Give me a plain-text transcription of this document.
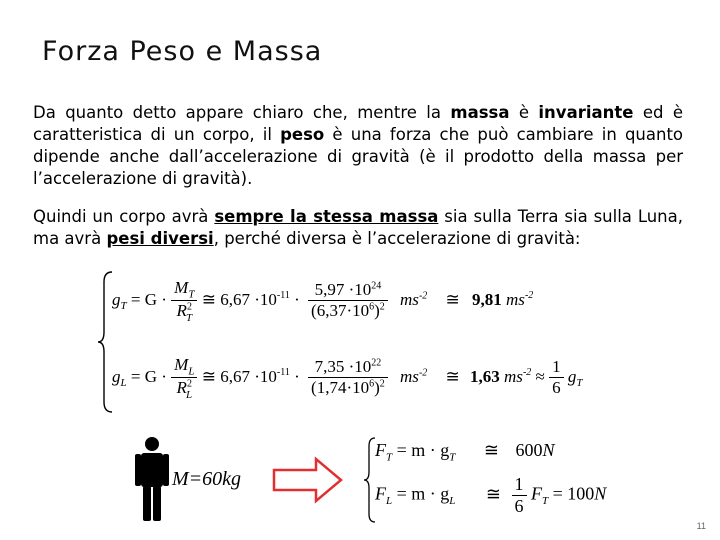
Forza Peso e Massa
Da quanto detto appare chiaro che, mentre la massa è invariante ed è caratteristica di un corpo, il peso è una forza che può cambiare in quanto dipende anche dall’accelerazione di gravità (è il prodotto della massa per l’accelerazione di gravità).
Quindi un corpo avrà sempre la stessa massa sia sulla Terra sia sulla Luna, ma avrà pesi diversi, perché diversa è l’accelerazione di gravità:
$g_T = G \cdot \frac{M_T}{R^2_T}$ ≅ $6,67 \cdot 10^{-11} \cdot \frac{5,97 \cdot 10^{24}}{(6,37\cdot 10^6)^2} ms^{-2}$ ≅ 9,81 $ms^{-2}$
$g_L = G \cdot \frac{M_L}{R^2_L}$ ≅ $6,67 \cdot 10^{-11} \cdot \frac{7,35 \cdot 10^{22}}{(1,74\cdot 10^6)^2} ms^{-2}$ ≅ 1,63 $ms^{-2} \approx \frac{1}{6} g_T$
M=60kg
$F_T = m \cdot g_T$ ≅ 600N
$F_L = m \cdot g_L$ ≅ $\frac{1}{6} F_T = 100N$
11
